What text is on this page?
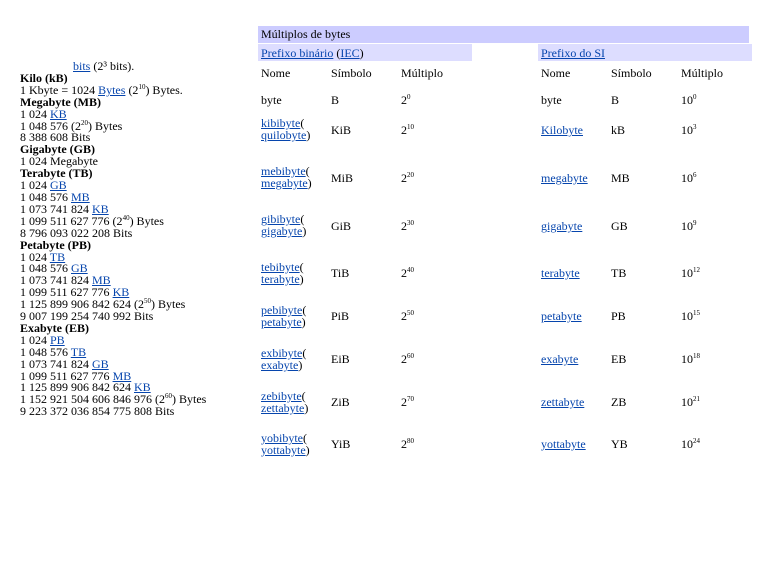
bits (2³ bits).
Kilo (kB)
1 Kbyte = 1024 Bytes $(2^{10})$ Bytes.
Megabyte (MB)
1 024 KB
1 048 576 $(2^{20})$ Bytes
8 388 608 Bits
Gigabyte (GB)
1 024 Megabyte
Terabyte (TB)
1 024 GB
1 048 576 MB
1 073 741 824 KB
1 099 511 627 776 $(2^{40})$ Bytes
8 796 093 022 208 Bits
Petabyte (PB)
1 024 TB
1 048 576 GB
1 073 741 824 MB
1 099 511 627 776 KB
1 125 899 906 842 624 $(2^{50})$ Bytes
9 007 199 254 740 992 Bits
Exabyte (EB)
1 024 PB
1 048 576 TB
1 073 741 824 GB
1 099 511 627 776 MB
1 125 899 906 842 624 KB
1 152 921 504 606 846 976 $(2^{60})$ Bytes
9 223 372 036 854 775 808 Bits
Múltiplos de bytes
Prefixo binário (IEC)	Prefixo do SI
Nome	Símbolo Múltiplo	Nome	Símbolo Múltiplo
byte	B	$2^0$	byte	B	$10^0$
kibibyte(
quilobyte) KiB	$2^{10}$	Kilobyte kB	$10^3$
mebibyte(
megabyte) MiB	$2^{20}$	megabyte MB	$10^6$
gibibyte(
gigabyte) GiB	$2^{30}$	gigabyte GB	$10^9$
tebibyte(
terabyte) TiB	$2^{40}$	terabyte	TB	$10^{12}$
pebibyte(
petabyte) PiB	$2^{50}$	petabyte PB	$10^{15}$
exbibyte(
exabyte)	EiB	$2^{60}$	exabyte	EB	$10^{18}$
zebibyte(
zettabyte) ZiB	$2^{70}$	zettabyte ZB	$10^{21}$
yobibyte(
yottabyte) YiB	$2^{80}$	yottabyte YB	$10^{24}$
